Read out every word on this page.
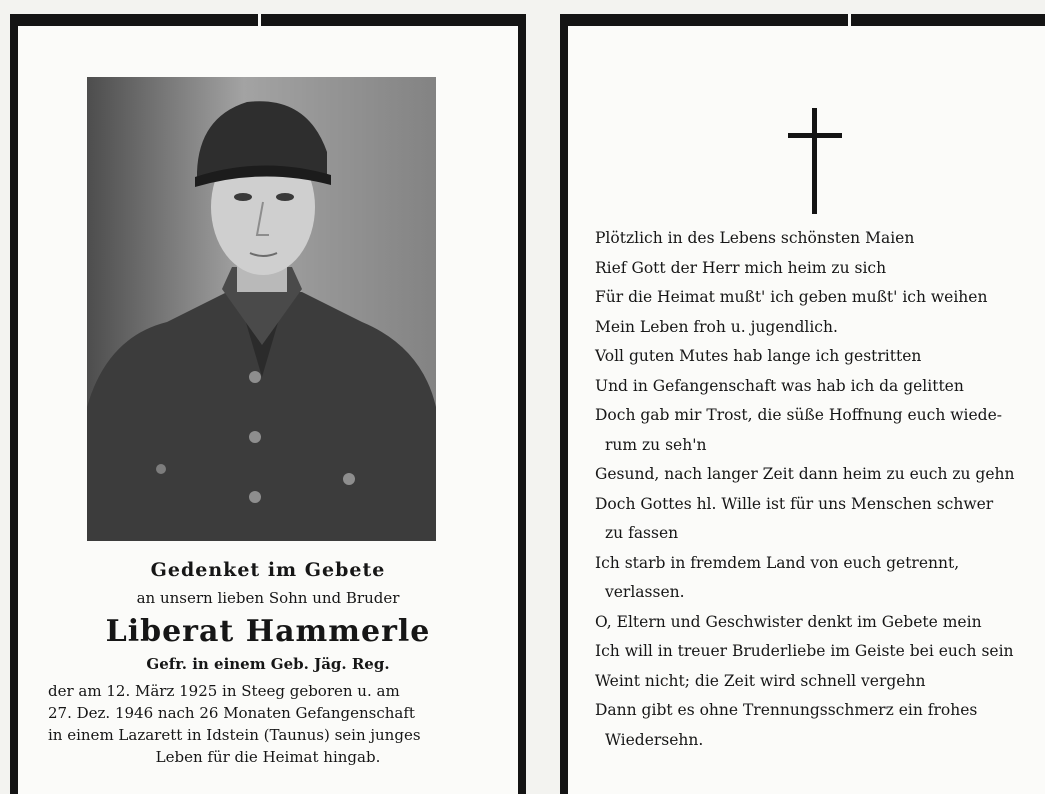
Gedenket im Gebete

an unsern lieben Sohn und Bruder

Liberat Hammerle

Gefr. in einem Geb. Jäg. Reg.

der am 12. März 1925 in Steeg geboren u. am
27. Dez. 1946 nach 26 Monaten Gefangenschaft
in einem Lazarett in Idstein (Taunus) sein junges
Leben für die Heimat hingab.

Plötzlich in des Lebens schönsten Maien
Rief Gott der Herr mich heim zu sich
Für die Heimat mußt' ich geben mußt' ich weihen
Mein Leben froh u. jugendlich.
Voll guten Mutes hab lange ich gestritten
Und in Gefangenschaft was hab ich da gelitten
Doch gab mir Trost, die süße Hoffnung euch wiede-
rum zu seh'n
Gesund, nach langer Zeit dann heim zu euch zu gehn
Doch Gottes hl. Wille ist für uns Menschen schwer
zu fassen
Ich starb in fremdem Land von euch getrennt,
verlassen.
O, Eltern und Geschwister denkt im Gebete mein
Ich will in treuer Bruderliebe im Geiste bei euch sein
Weint nicht; die Zeit wird schnell vergehn
Dann gibt es ohne Trennungsschmerz ein frohes
Wiedersehn.
